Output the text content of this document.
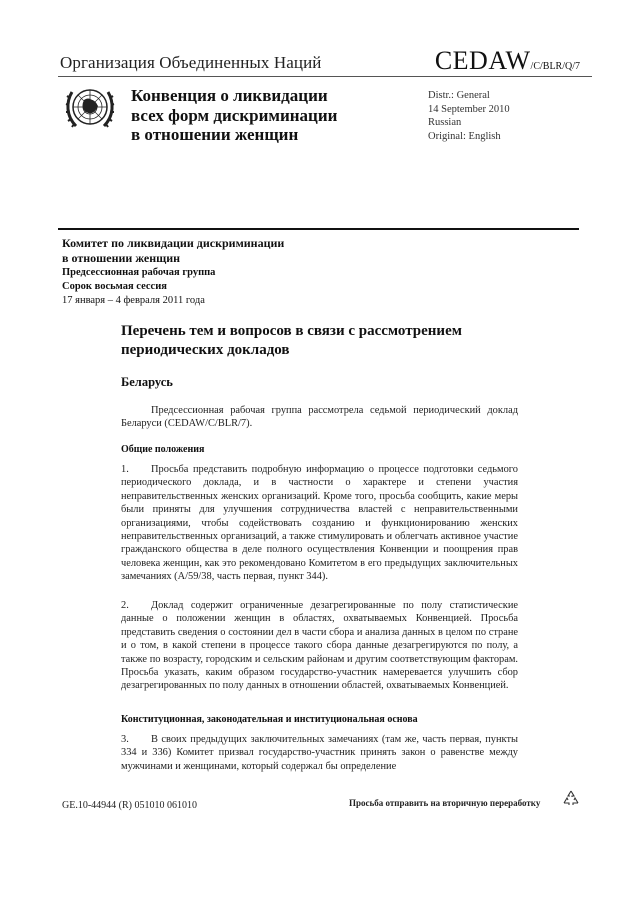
Организация Объединенных Наций	CEDAW/C/BLR/Q/7
Конвенция о ликвидации
всех форм дискриминации
в отношении женщин
Distr.: General
14 September 2010
Russian
Original: English
Комитет по ликвидации дискриминации
в отношении женщин
Предсессионная рабочая группа
Сорок восьмая сессия
17 января – 4 февраля 2011 года
Перечень тем и вопросов в связи с рассмотрением
периодических докладов
Беларусь
Предсессионная рабочая группа рассмотрела седьмой периодический доклад Беларуси (CEDAW/C/BLR/7).
Общие положения
1. Просьба представить подробную информацию о процессе подготовки седьмого периодического доклада, и в частности о характере и степени участия неправительственных женских организаций. Кроме того, просьба сообщить, какие меры были приняты для улучшения сотрудничества властей с неправительственными организациями, чтобы содействовать созданию и функционированию женских неправительственных организаций, а также стимулировать и облегчать активное участие гражданского общества в деле полного осуществления Конвенции и поощрения прав человека женщин, как это рекомендовано Комитетом в его предыдущих заключительных замечаниях (A/59/38, часть первая, пункт 344).
2. Доклад содержит ограниченные дезагрегированные по полу статистические данные о положении женщин в областях, охватываемых Конвенцией. Просьба представить сведения о состоянии дел в части сбора и анализа данных в целом по стране и о том, в какой степени в процессе такого сбора данные дезагрегируются по полу, а также по возрасту, городским и сельским районам и другим соответствующим факторам. Просьба указать, каким образом государство-участник намеревается улучшить сбор дезагрегированных по полу данных в отношении областей, охватываемых Конвенцией.
Конституционная, законодательная и институциональная основа
3. В своих предыдущих заключительных замечаниях (там же, часть первая, пункты 334 и 336) Комитет призвал государство-участник принять закон о равенстве между мужчинами и женщинами, который содержал бы определение
GE.10-44944 (R) 051010 061010	Просьба отправить на вторичную переработку
